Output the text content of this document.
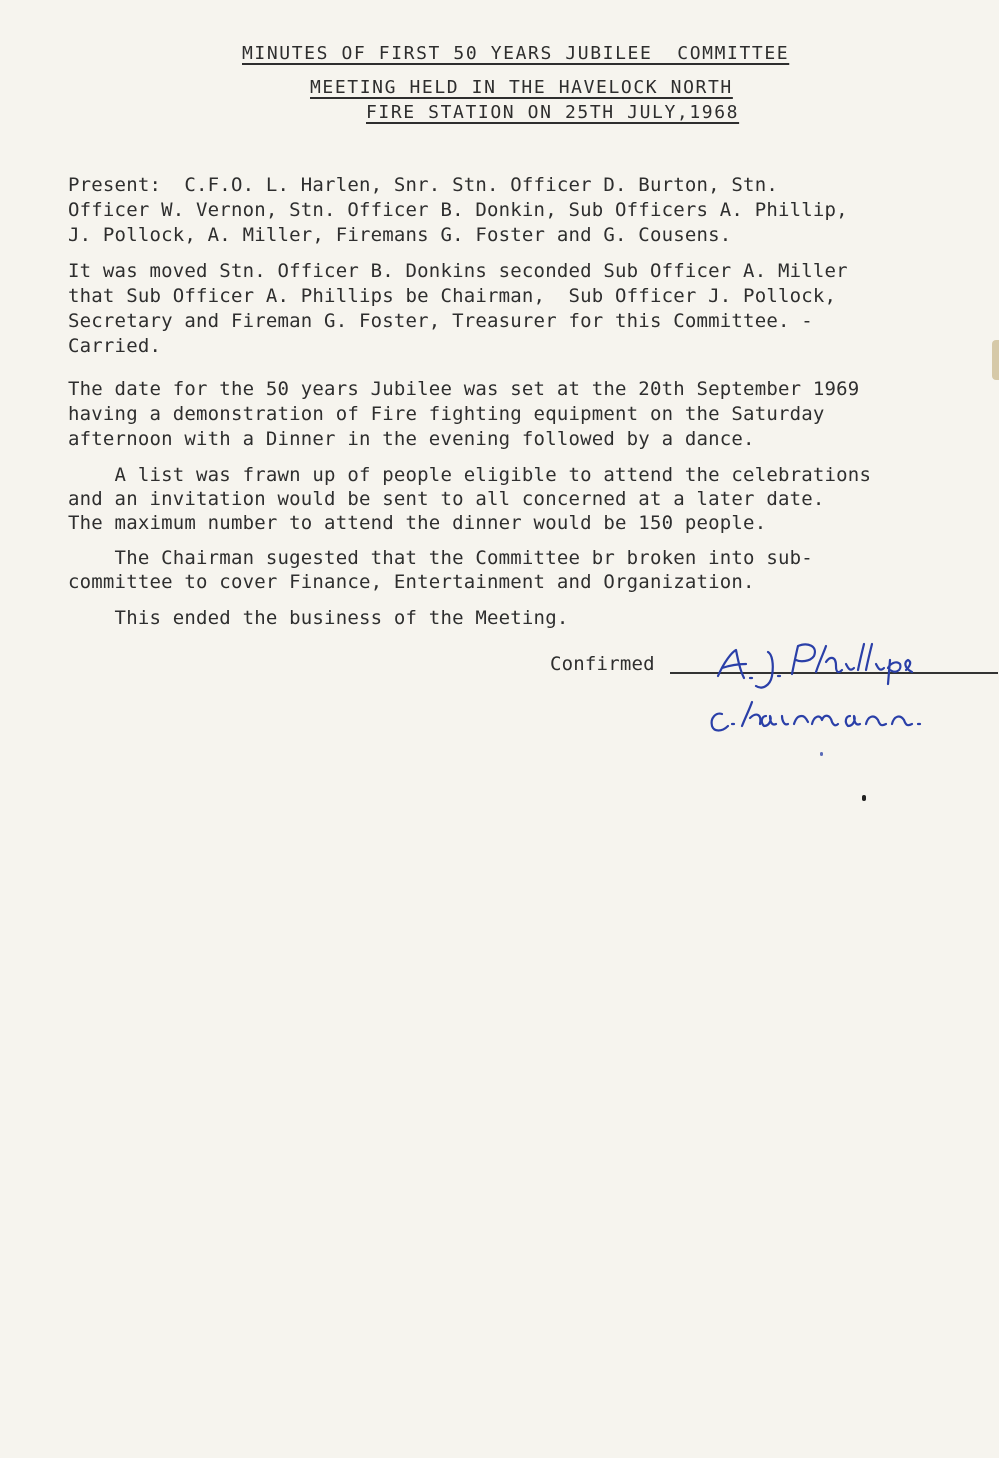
MINUTES OF FIRST 50 YEARS JUBILEE  COMMITTEE
MEETING HELD IN THE HAVELOCK NORTH
FIRE STATION ON 25TH JULY,1968
Present:  C.F.O. L. Harlen, Snr. Stn. Officer D. Burton, Stn.
Officer W. Vernon, Stn. Officer B. Donkin, Sub Officers A. Phillip,
J. Pollock, A. Miller, Firemans G. Foster and G. Cousens.
It was moved Stn. Officer B. Donkins seconded Sub Officer A. Miller
that Sub Officer A. Phillips be Chairman,  Sub Officer J. Pollock,
Secretary and Fireman G. Foster, Treasurer for this Committee. -
Carried.
The date for the 50 years Jubilee was set at the 20th September 1969
having a demonstration of Fire fighting equipment on the Saturday
afternoon with a Dinner in the evening followed by a dance.
A list was frawn up of people eligible to attend the celebrations
and an invitation would be sent to all concerned at a later date.
The maximum number to attend the dinner would be 150 people.
The Chairman sugested that the Committee br broken into sub-
committee to cover Finance, Entertainment and Organization.
This ended the business of the Meeting.
Confirmed
